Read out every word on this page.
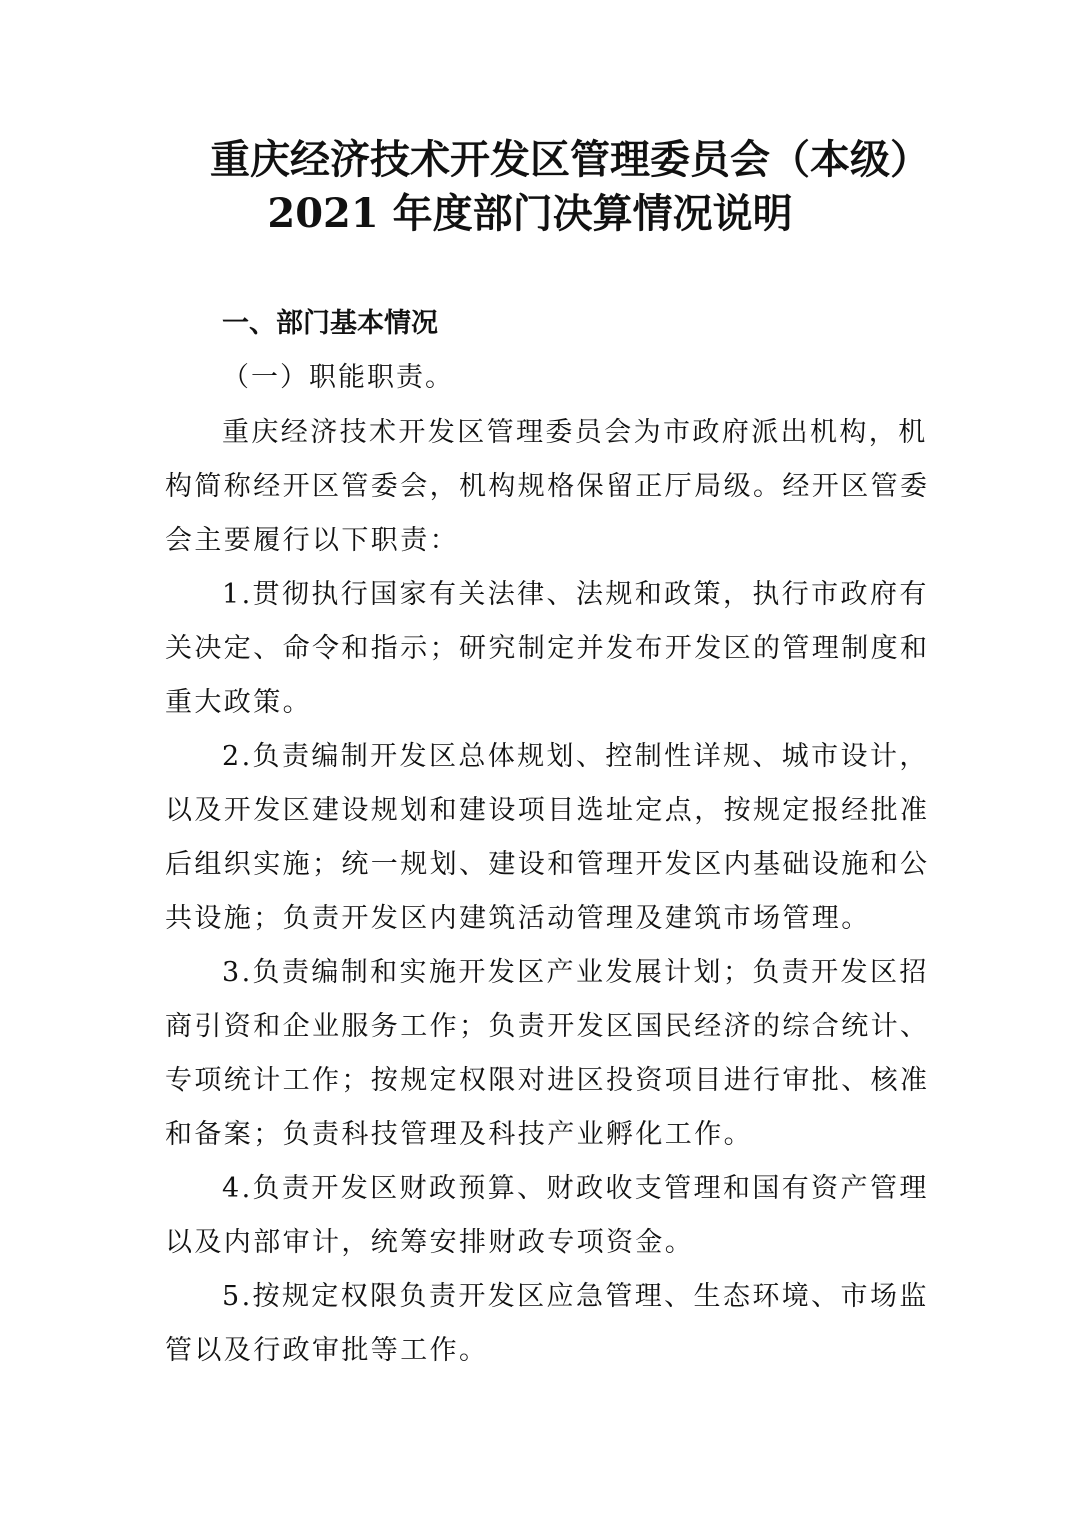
重庆经济技术开发区管理委员会（本级）
2021 年度部门决算情况说明
一、部门基本情况
（一）职能职责。
重庆经济技术开发区管理委员会为市政府派出机构，机
构简称经开区管委会，机构规格保留正厅局级。经开区管委
会主要履行以下职责：
1.贯彻执行国家有关法律、法规和政策，执行市政府有
关决定、命令和指示；研究制定并发布开发区的管理制度和
重大政策。
2.负责编制开发区总体规划、控制性详规、城市设计，
以及开发区建设规划和建设项目选址定点，按规定报经批准
后组织实施；统一规划、建设和管理开发区内基础设施和公
共设施；负责开发区内建筑活动管理及建筑市场管理。
3.负责编制和实施开发区产业发展计划；负责开发区招
商引资和企业服务工作；负责开发区国民经济的综合统计、
专项统计工作；按规定权限对进区投资项目进行审批、核准
和备案；负责科技管理及科技产业孵化工作。
4.负责开发区财政预算、财政收支管理和国有资产管理
以及内部审计，统筹安排财政专项资金。
5.按规定权限负责开发区应急管理、生态环境、市场监
管以及行政审批等工作。
